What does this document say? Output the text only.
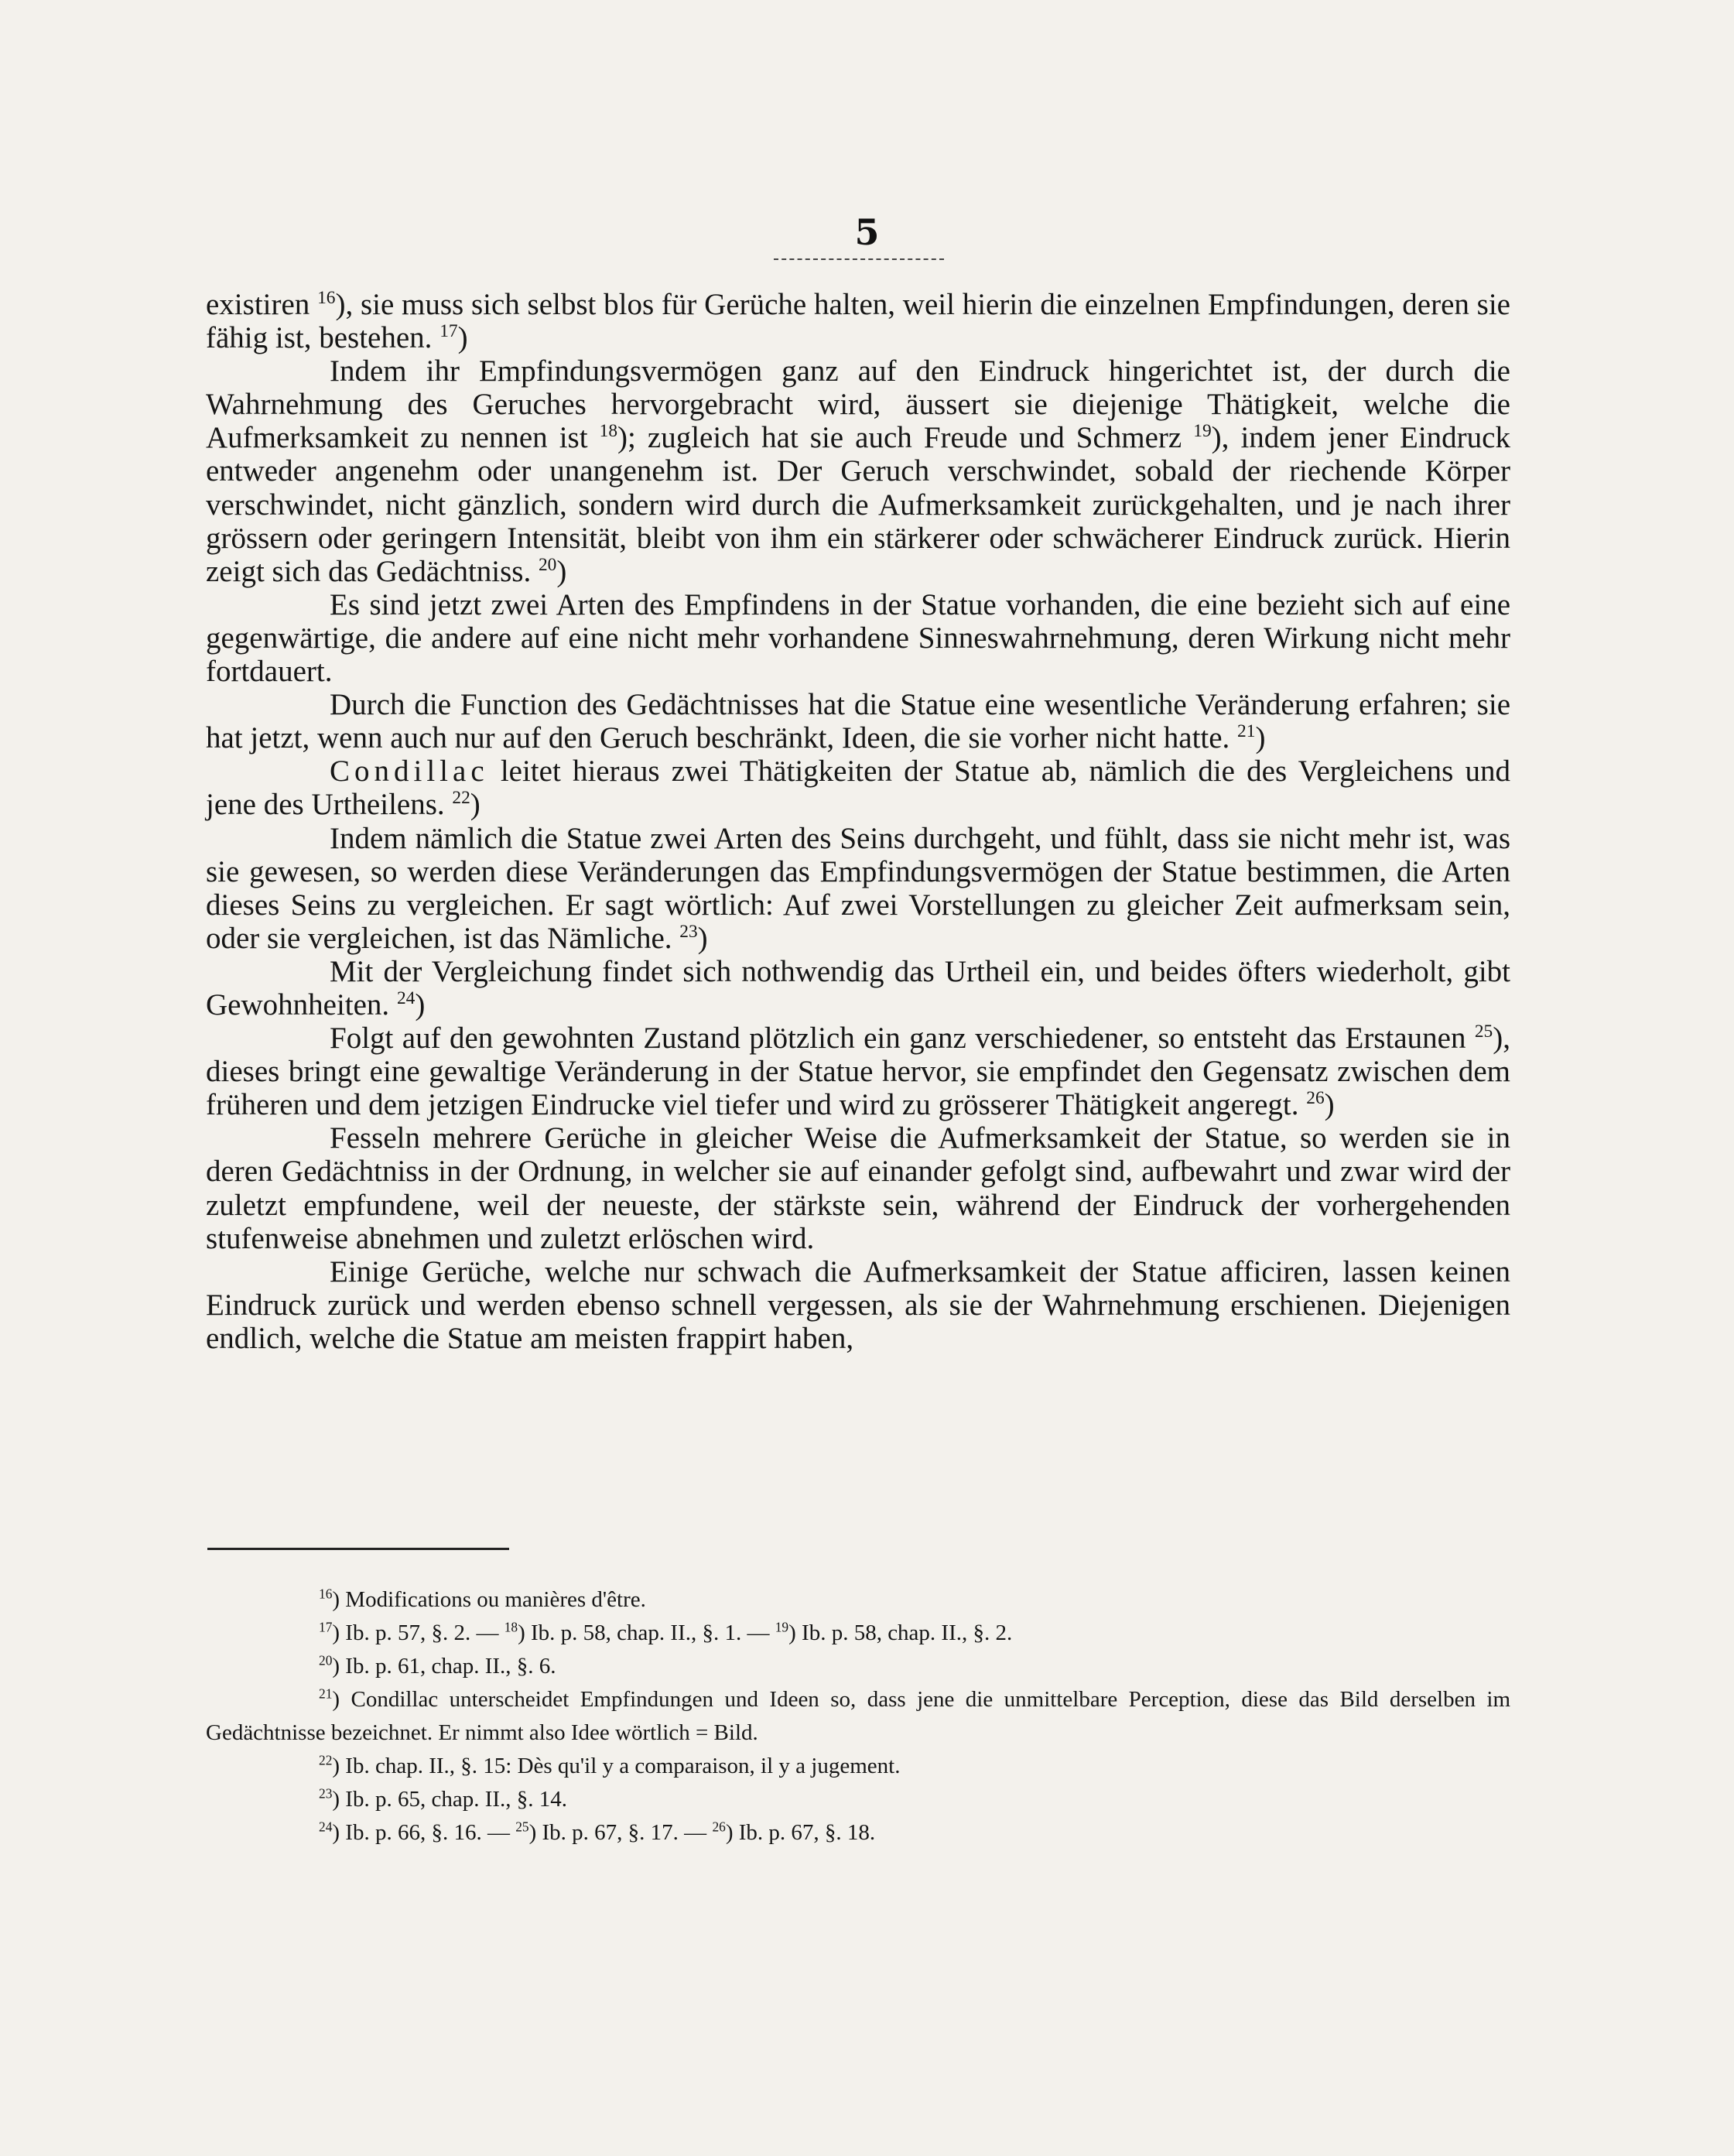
5

existiren $^{16}$), sie muss sich selbst blos für Gerüche halten, weil hierin die einzelnen Empfindungen, deren sie fähig ist, bestehen. $^{17}$)

Indem ihr Empfindungsvermögen ganz auf den Eindruck hingerichtet ist, der durch die Wahrnehmung des Geruches hervorgebracht wird, äussert sie diejenige Thätigkeit, welche die Aufmerksamkeit zu nennen ist $^{18}$); zugleich hat sie auch Freude und Schmerz $^{19}$), indem jener Eindruck entweder angenehm oder unangenehm ist. Der Geruch verschwindet, sobald der riechende Körper verschwindet, nicht gänzlich, sondern wird durch die Aufmerksamkeit zurückgehalten, und je nach ihrer grössern oder geringern Intensität, bleibt von ihm ein stärkerer oder schwächerer Eindruck zurück. Hierin zeigt sich das Gedächtniss. $^{20}$)

Es sind jetzt zwei Arten des Empfindens in der Statue vorhanden, die eine bezieht sich auf eine gegenwärtige, die andere auf eine nicht mehr vorhandene Sinneswahrnehmung, deren Wirkung nicht mehr fortdauert.

Durch die Function des Gedächtnisses hat die Statue eine wesentliche Veränderung erfahren; sie hat jetzt, wenn auch nur auf den Geruch beschränkt, Ideen, die sie vorher nicht hatte. $^{21}$)

Condillac leitet hieraus zwei Thätigkeiten der Statue ab, nämlich die des Vergleichens und jene des Urtheilens. $^{22}$)

Indem nämlich die Statue zwei Arten des Seins durchgeht, und fühlt, dass sie nicht mehr ist, was sie gewesen, so werden diese Veränderungen das Empfindungsvermögen der Statue bestimmen, die Arten dieses Seins zu vergleichen. Er sagt wörtlich: Auf zwei Vorstellungen zu gleicher Zeit aufmerksam sein, oder sie vergleichen, ist das Nämliche. $^{23}$)

Mit der Vergleichung findet sich nothwendig das Urtheil ein, und beides öfters wiederholt, gibt Gewohnheiten. $^{24}$)

Folgt auf den gewohnten Zustand plötzlich ein ganz verschiedener, so entsteht das Erstaunen $^{25}$), dieses bringt eine gewaltige Veränderung in der Statue hervor, sie empfindet den Gegensatz zwischen dem früheren und dem jetzigen Eindrucke viel tiefer und wird zu grösserer Thätigkeit angeregt. $^{26}$)

Fesseln mehrere Gerüche in gleicher Weise die Aufmerksamkeit der Statue, so werden sie in deren Gedächtniss in der Ordnung, in welcher sie auf einander gefolgt sind, aufbewahrt und zwar wird der zuletzt empfundene, weil der neueste, der stärkste sein, während der Eindruck der vorhergehenden stufenweise abnehmen und zuletzt erlöschen wird.

Einige Gerüche, welche nur schwach die Aufmerksamkeit der Statue afficiren, lassen keinen Eindruck zurück und werden ebenso schnell vergessen, als sie der Wahrnehmung erschienen. Diejenigen endlich, welche die Statue am meisten frappirt haben,

$^{16}$) Modifications ou manières d'être.

$^{17}$) Ib. p. 57, §. 2. — $^{18}$) Ib. p. 58, chap. II., §. 1. — $^{19}$) Ib. p. 58, chap. II., §. 2.

$^{20}$) Ib. p. 61, chap. II., §. 6.

$^{21}$) Condillac unterscheidet Empfindungen und Ideen so, dass jene die unmittelbare Perception, diese das Bild derselben im Gedächtnisse bezeichnet. Er nimmt also Idee wörtlich = Bild.

$^{22}$) Ib. chap. II., §. 15: Dès qu'il y a comparaison, il y a jugement.

$^{23}$) Ib. p. 65, chap. II., §. 14.

$^{24}$) Ib. p. 66, §. 16. — $^{25}$) Ib. p. 67, §. 17. — $^{26}$) Ib. p. 67, §. 18.
